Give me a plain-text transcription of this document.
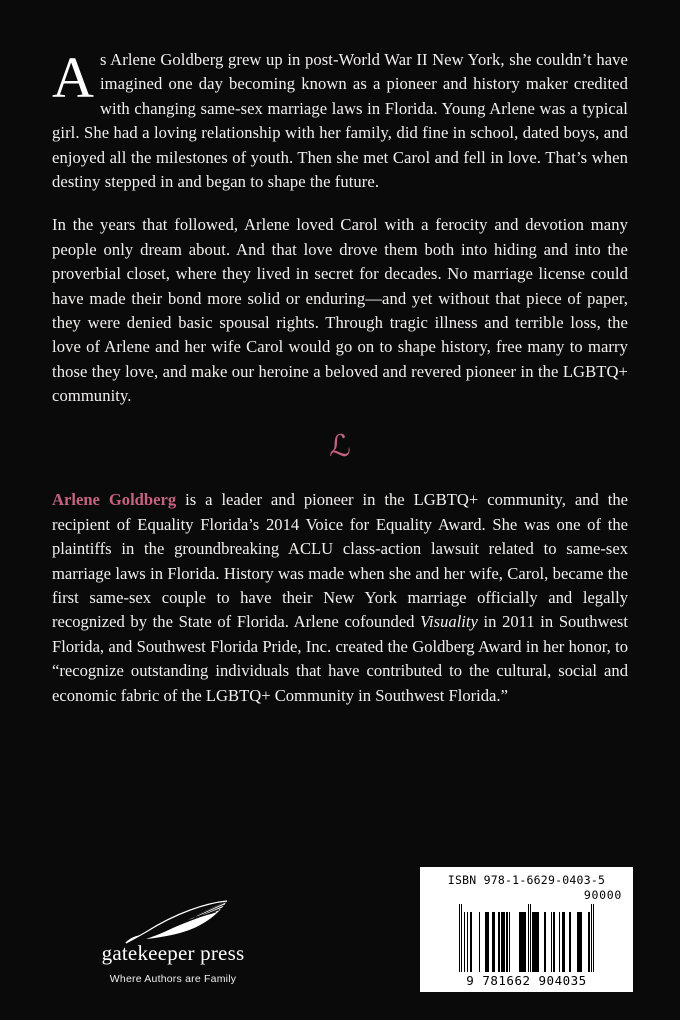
As Arlene Goldberg grew up in post-World War II New York, she couldn’t have imagined one day becoming known as a pioneer and history maker credited with changing same-sex marriage laws in Florida. Young Arlene was a typical girl. She had a loving relationship with her family, did fine in school, dated boys, and enjoyed all the milestones of youth. Then she met Carol and fell in love. That’s when destiny stepped in and began to shape the future.

In the years that followed, Arlene loved Carol with a ferocity and devotion many people only dream about. And that love drove them both into hiding and into the proverbial closet, where they lived in secret for decades. No marriage license could have made their bond more solid or enduring—and yet without that piece of paper, they were denied basic spousal rights. Through tragic illness and terrible loss, the love of Arlene and her wife Carol would go on to shape history, free many to marry those they love, and make our heroine a beloved and revered pioneer in the LGBTQ+ community.

ℒ

Arlene Goldberg is a leader and pioneer in the LGBTQ+ community, and the recipient of Equality Florida’s 2014 Voice for Equality Award. She was one of the plaintiffs in the groundbreaking ACLU class-action lawsuit related to same-sex marriage laws in Florida. History was made when she and her wife, Carol, became the first same-sex couple to have their New York marriage officially and legally recognized by the State of Florida. Arlene cofounded Visuality in 2011 in Southwest Florida, and Southwest Florida Pride, Inc. created the Goldberg Award in her honor, to “recognize outstanding individuals that have contributed to the cultural, social and economic fabric of the LGBTQ+ Community in Southwest Florida.”

gatekeeper press
Where Authors are Family
ISBN 978-1-6629-0403-5
90000
9 781662 904035
